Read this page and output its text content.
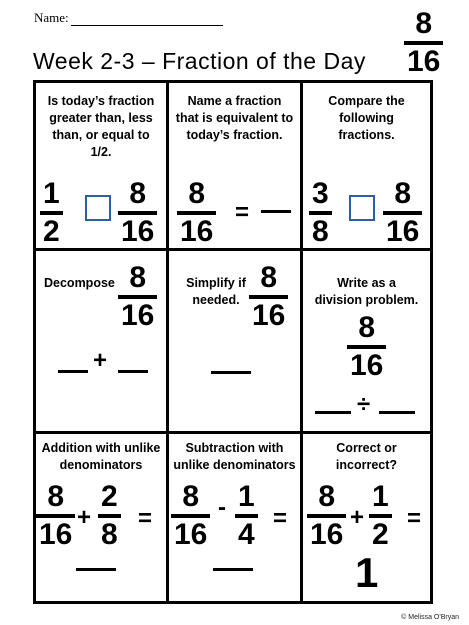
Name:
Week 2-3 – Fraction of the Day
8
16
Is today’s fraction greater than, less than, or equal to 1/2.
1
2
8
16
Name a fraction that is equivalent to today’s fraction.
8
16
=
Compare the following fractions.
3
8
8
16
Decompose 8
16
+
Simplify if needed.
8
16
Write as a division problem.
8
16
÷
Addition with unlike denominators
8
16
+
2
8 =
Subtraction with unlike denominators
8
16
- 1
4 =
Correct or incorrect?
8
16
+
1
2 =
1
© Melissa O'Bryan
